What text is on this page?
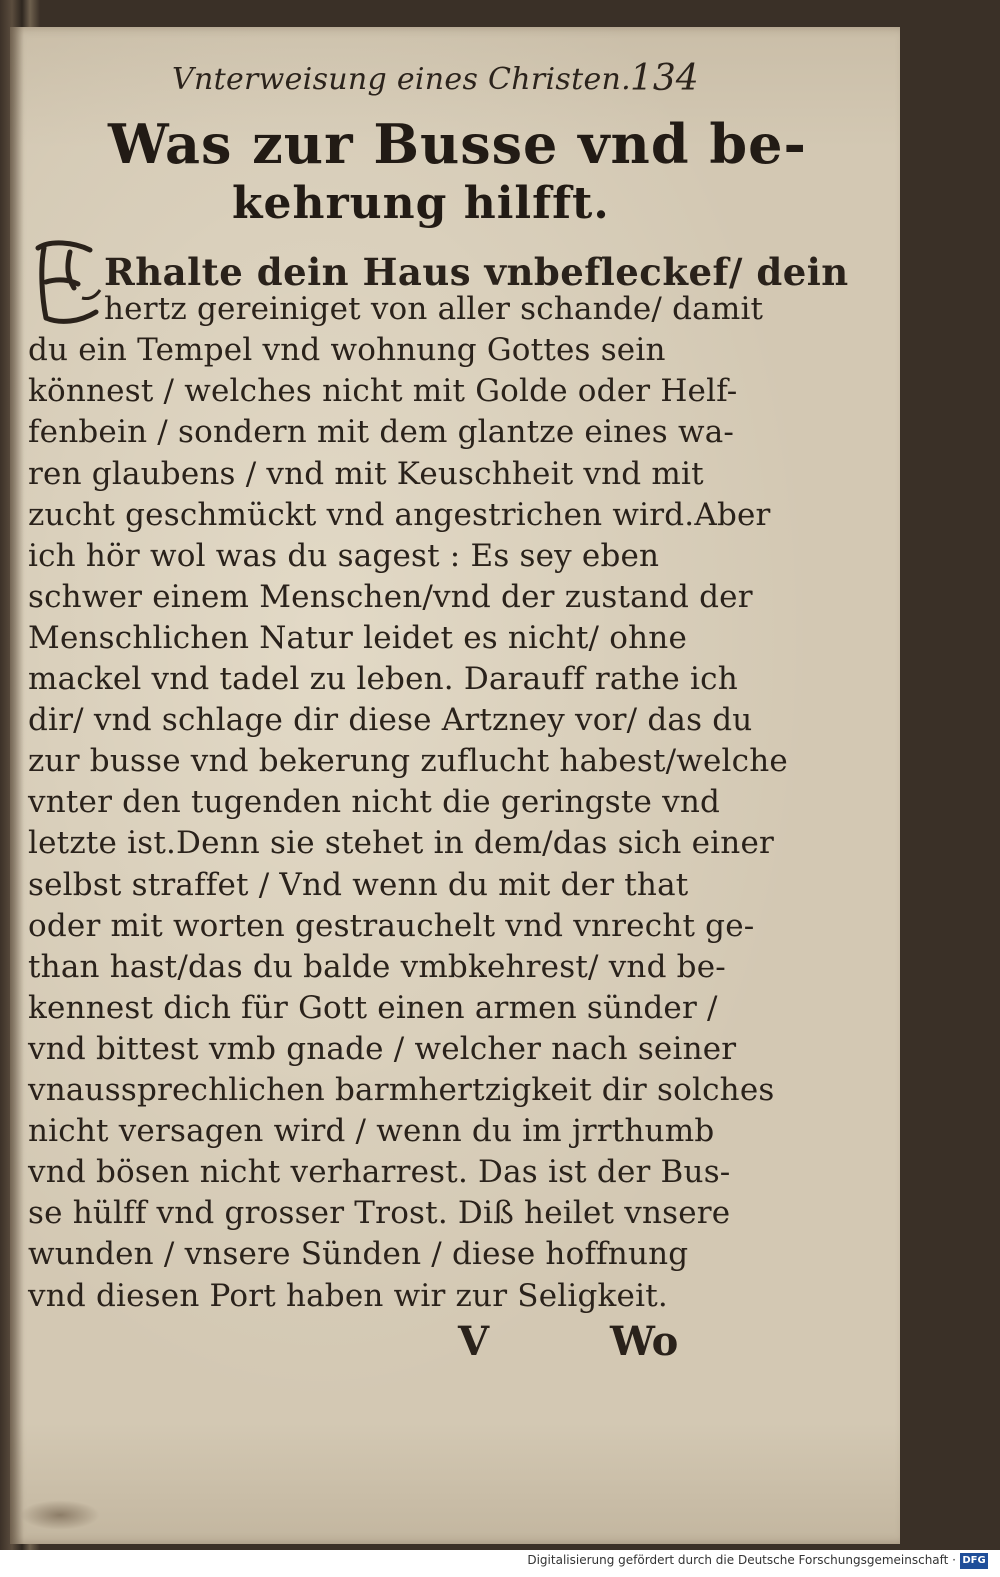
Vnterweisung eines Christen. 134
Was zur Busse vnd be-
kehrung hilfft.
Rhalte dein Haus vnbefleckef/ dein
hertz gereiniget von aller schande/ damit
du ein Tempel vnd wohnung Gottes sein
könnest / welches nicht mit Golde oder Helf-
fenbein / sondern mit dem glantze eines wa-
ren glaubens / vnd mit Keuschheit vnd mit
zucht geschmückt vnd angestrichen wird.Aber
ich hör wol was du sagest : Es sey eben
schwer einem Menschen/vnd der zustand der
Menschlichen Natur leidet es nicht/ ohne
mackel vnd tadel zu leben. Darauff rathe ich
dir/ vnd schlage dir diese Artzney vor/ das du
zur busse vnd bekerung zuflucht habest/welche
vnter den tugenden nicht die geringste vnd
letzte ist.Denn sie stehet in dem/das sich einer
selbst straffet / Vnd wenn du mit der that
oder mit worten gestrauchelt vnd vnrecht ge-
than hast/das du balde vmbkehrest/ vnd be-
kennest dich für Gott einen armen sünder /
vnd bittest vmb gnade / welcher nach seiner
vnaussprechlichen barmhertzigkeit dir solches
nicht versagen wird / wenn du im jrrthumb
vnd bösen nicht verharrest. Das ist der Bus-
se hülff vnd grosser Trost. Diß heilet vnsere
wunden / vnsere Sünden / diese hoffnung
vnd diesen Port haben wir zur Seligkeit.
V	Wo
Digitalisierung gefördert durch die Deutsche Forschungsgemeinschaft · DFG
